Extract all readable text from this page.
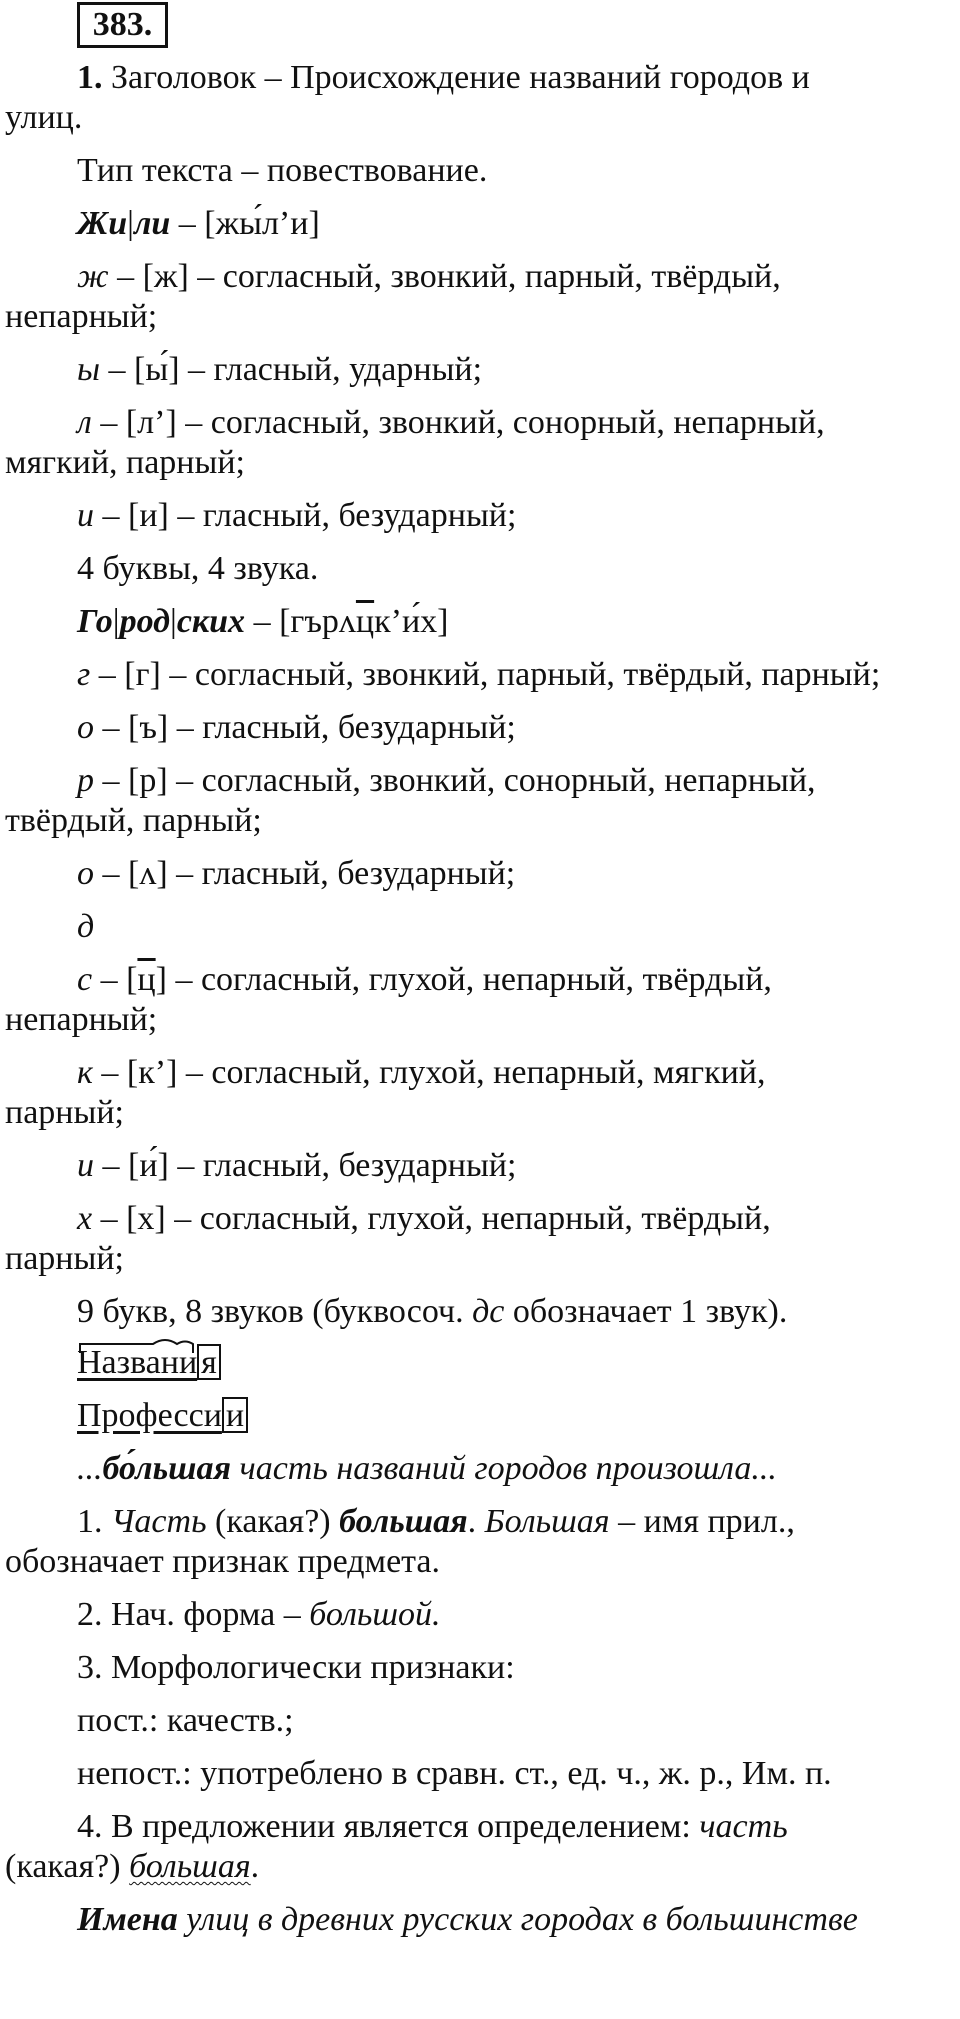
383.
1. Заголовок – Происхождение названий городов и
улиц.
Тип текста – повествование.
Жи|ли – [жы́л’и]
ж – [ж] – согласный, звонкий, парный, твёрдый,
непарный;
ы – [ы́] – гласный, ударный;
л – [л’] – согласный, звонкий, сонорный, непарный,
мягкий, парный;
и – [и] – гласный, безударный;
4 буквы, 4 звука.
Го|род|ских – [гърʌцк’и́х]
г – [г] – согласный, звонкий, парный, твёрдый, парный;
о – [ъ] – гласный, безударный;
р – [р] – согласный, звонкий, сонорный, непарный,
твёрдый, парный;
о – [ʌ] – гласный, безударный;
д
с – [ц] – согласный, глухой, непарный, твёрдый,
непарный;
к – [к’] – согласный, глухой, непарный, мягкий,
парный;
и – [и́] – гласный, безударный;
х – [х] – согласный, глухой, непарный, твёрдый,
парный;
9 букв, 8 звуков (буквосоч. дс обозначает 1 звук).
Названи я
Професси и
...бо́льшая часть названий городов произошла...
1. Часть (какая?) большая. Большая – имя прил.,
обозначает признак предмета.
2. Нач. форма – большой.
3. Морфологически признаки:
пост.: качеств.;
непост.: употреблено в сравн. ст., ед. ч., ж. р., Им. п.
4. В предложении является определением: часть
(какая?) большая.
Имена улиц в древних русских городах в большинстве
